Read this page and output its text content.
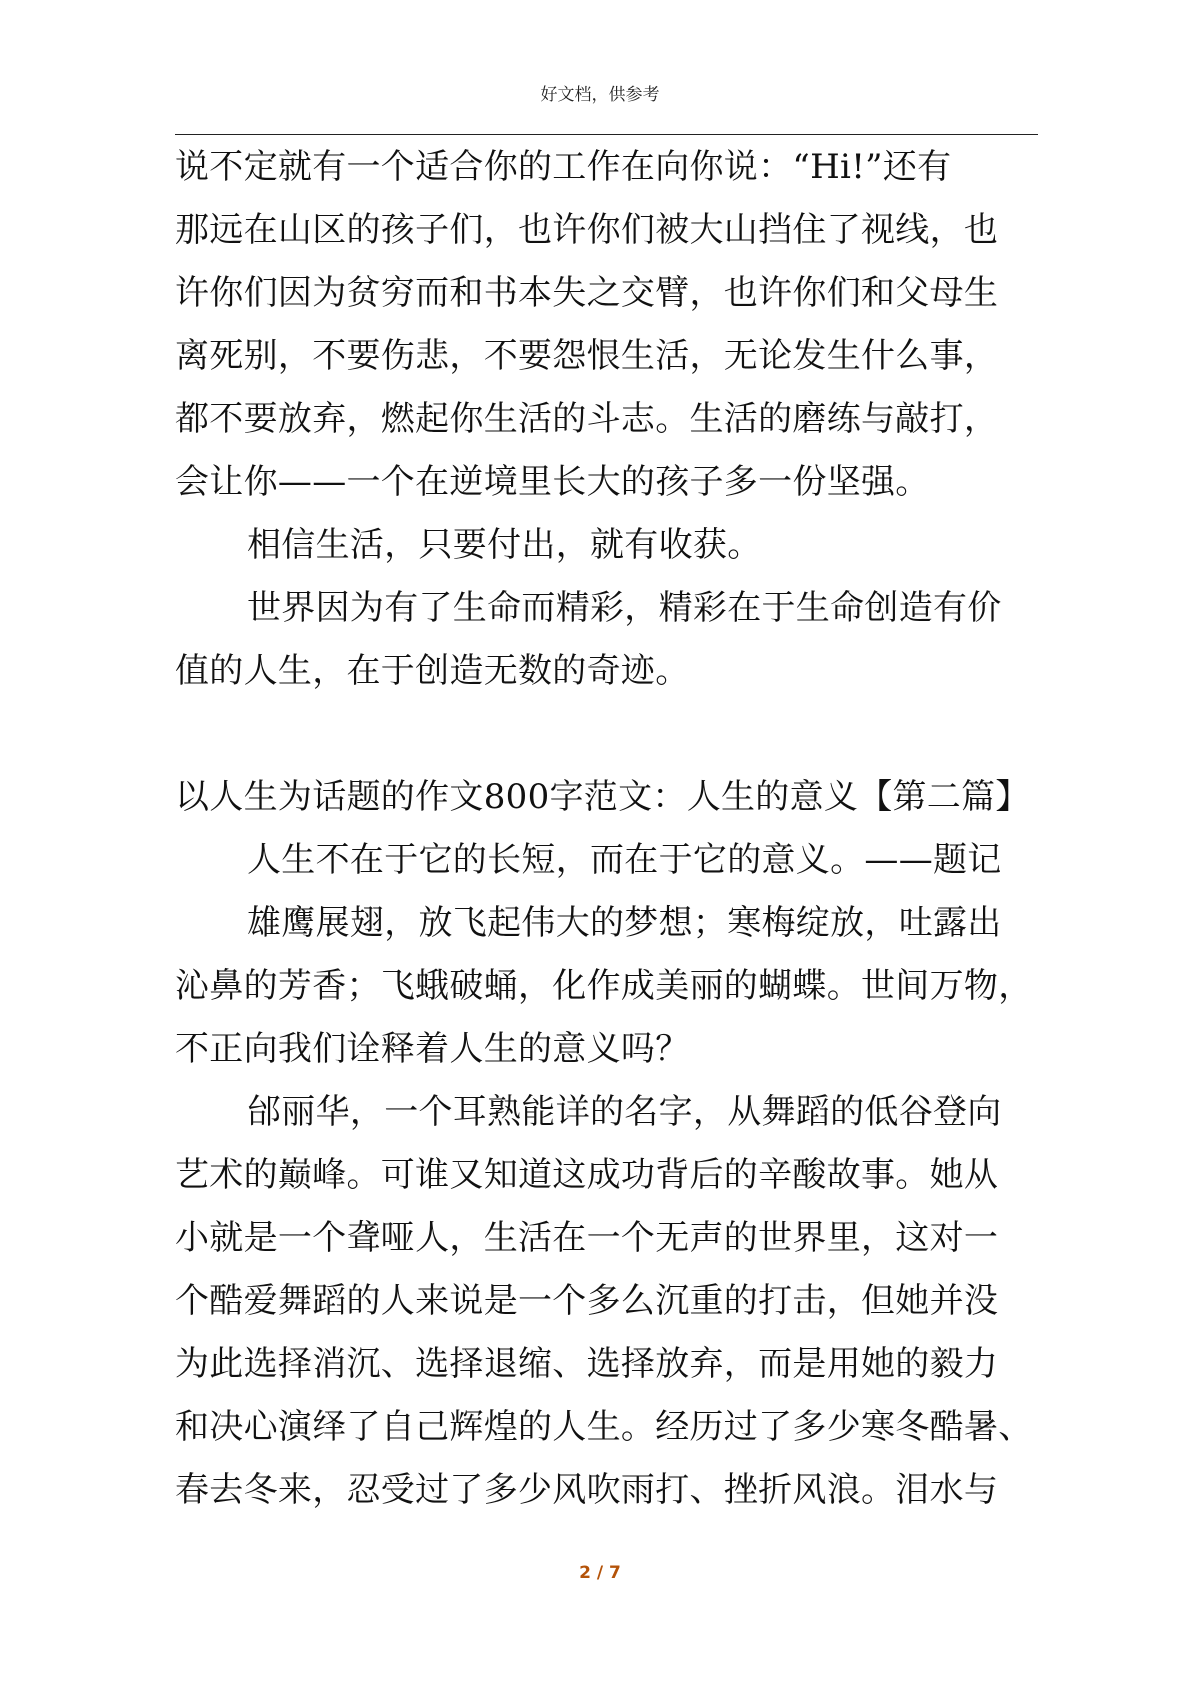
好文档，供参考
说不定就有一个适合你的工作在向你说：“Hi!”还有
那远在山区的孩子们，也许你们被大山挡住了视线，也
许你们因为贫穷而和书本失之交臂，也许你们和父母生
离死别，不要伤悲，不要怨恨生活，无论发生什么事，
都不要放弃，燃起你生活的斗志。生活的磨练与敲打，
会让你——一个在逆境里长大的孩子多一份坚强。
相信生活，只要付出，就有收获。
世界因为有了生命而精彩，精彩在于生命创造有价
值的人生，在于创造无数的奇迹。
以人生为话题的作文800字范文：人生的意义【第二篇】
人生不在于它的长短，而在于它的意义。——题记
雄鹰展翅，放飞起伟大的梦想；寒梅绽放，吐露出
沁鼻的芳香；飞蛾破蛹，化作成美丽的蝴蝶。世间万物，
不正向我们诠释着人生的意义吗？
邰丽华，一个耳熟能详的名字，从舞蹈的低谷登向
艺术的巅峰。可谁又知道这成功背后的辛酸故事。她从
小就是一个聋哑人，生活在一个无声的世界里，这对一
个酷爱舞蹈的人来说是一个多么沉重的打击，但她并没
为此选择消沉、选择退缩、选择放弃，而是用她的毅力
和决心演绎了自己辉煌的人生。经历过了多少寒冬酷暑、
春去冬来，忍受过了多少风吹雨打、挫折风浪。泪水与
2 / 7
